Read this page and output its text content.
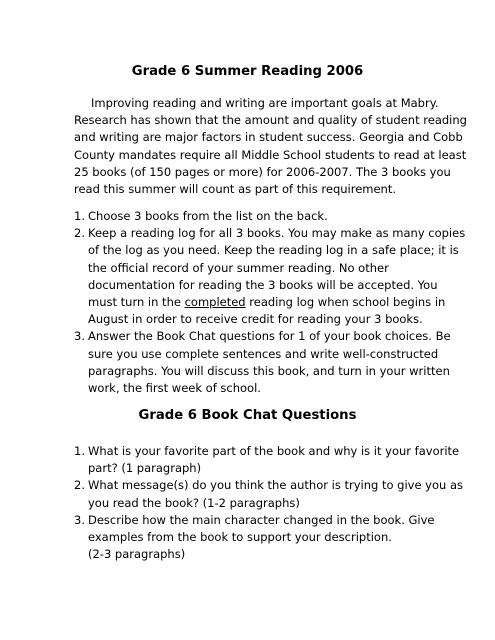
Grade 6 Summer Reading 2006
Improving reading and writing are important goals at Mabry.
Research has shown that the amount and quality of student reading
and writing are major factors in student success. Georgia and Cobb
County mandates require all Middle School students to read at least
25 books (of 150 pages or more) for 2006-2007. The 3 books you
read this summer will count as part of this requirement.
1. Choose 3 books from the list on the back.
2. Keep a reading log for all 3 books. You may make as many copies
of the log as you need. Keep the reading log in a safe place; it is
the official record of your summer reading. No other
documentation for reading the 3 books will be accepted. You
must turn in the completed reading log when school begins in
August in order to receive credit for reading your 3 books.
3. Answer the Book Chat questions for 1 of your book choices. Be
sure you use complete sentences and write well-constructed
paragraphs. You will discuss this book, and turn in your written
work, the first week of school.
Grade 6 Book Chat Questions
1. What is your favorite part of the book and why is it your favorite
part? (1 paragraph)
2. What message(s) do you think the author is trying to give you as
you read the book? (1-2 paragraphs)
3. Describe how the main character changed in the book. Give
examples from the book to support your description.
(2-3 paragraphs)
